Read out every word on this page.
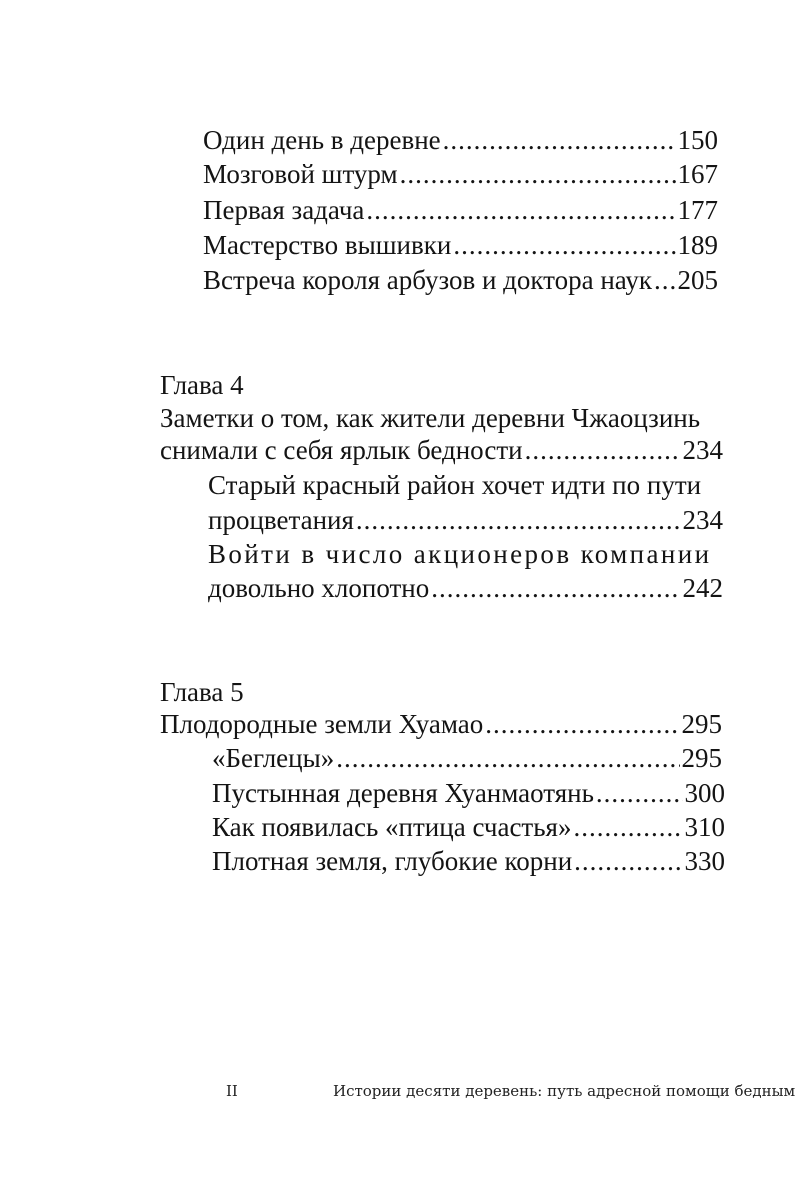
Один день в деревне .....	150
Мозговой штурм .....	167
Первая задача .....	177
Мастерство вышивки .....	189
Встреча короля арбузов и доктора наук ..... 205
Глава 4
Заметки о том, как жители деревни Чжаоцзинь
снимали с себя ярлык бедности .....	234
Старый красный район хочет идти по пути
процветания .....	234
Войти в число акционеров компании
довольно хлопотно .....	242
Глава 5
Плодородные земли Хуамао .....	295
«Беглецы» .....	295
Пустынная деревня Хуанмаотянь .....	300
Как появилась «птица счастья» .....	310
Плотная земля, глубокие корни .....	330
II	Истории десяти деревень: путь адресной помощи бедным
